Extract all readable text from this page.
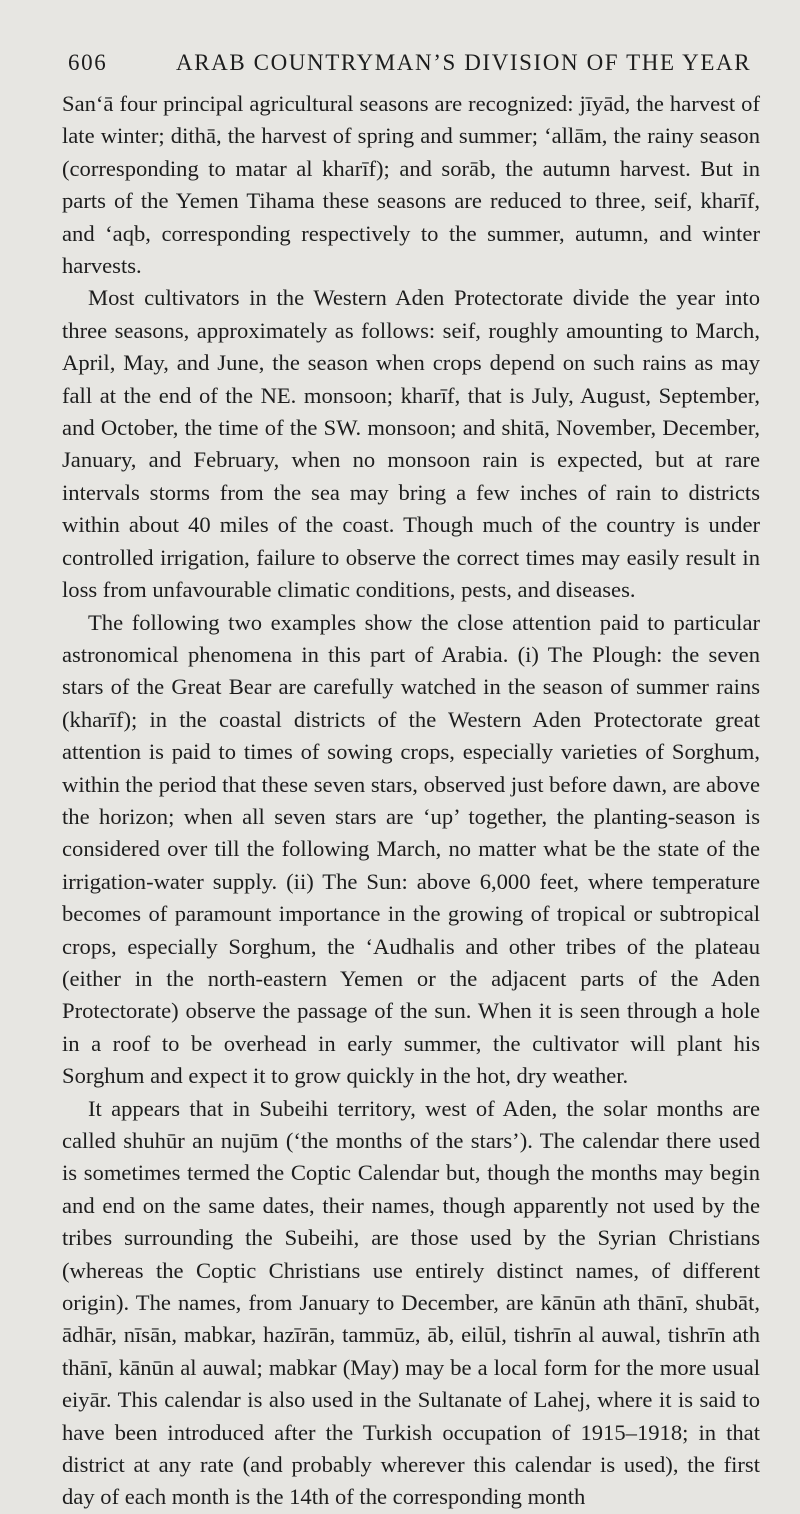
606	ARAB COUNTRYMAN’S DIVISION OF THE YEAR

San‘ā four principal agricultural seasons are recognized: jīyād, the harvest of late winter; dithā, the harvest of spring and summer; ‘allām, the rainy season (corresponding to matar al kharīf); and sorāb, the autumn harvest. But in parts of the Yemen Tihama these seasons are reduced to three, seif, kharīf, and ‘aqb, corresponding respectively to the summer, autumn, and winter harvests.

Most cultivators in the Western Aden Protectorate divide the year into three seasons, approximately as follows: seif, roughly amounting to March, April, May, and June, the season when crops depend on such rains as may fall at the end of the NE. monsoon; kharīf, that is July, August, September, and October, the time of the SW. monsoon; and shitā, November, December, January, and February, when no monsoon rain is expected, but at rare intervals storms from the sea may bring a few inches of rain to districts within about 40 miles of the coast. Though much of the country is under controlled irrigation, failure to observe the correct times may easily result in loss from unfavourable climatic conditions, pests, and diseases.

The following two examples show the close attention paid to particular astronomical phenomena in this part of Arabia. (i) The Plough: the seven stars of the Great Bear are carefully watched in the season of summer rains (kharīf); in the coastal districts of the Western Aden Protectorate great attention is paid to times of sowing crops, especially varieties of Sorghum, within the period that these seven stars, observed just before dawn, are above the horizon; when all seven stars are ‘up’ together, the planting-season is considered over till the following March, no matter what be the state of the irrigation-water supply. (ii) The Sun: above 6,000 feet, where temperature becomes of paramount importance in the growing of tropical or subtropical crops, especially Sorghum, the ‘Audhalis and other tribes of the plateau (either in the north-eastern Yemen or the adjacent parts of the Aden Protectorate) observe the passage of the sun. When it is seen through a hole in a roof to be overhead in early summer, the cultivator will plant his Sorghum and expect it to grow quickly in the hot, dry weather.

It appears that in Subeihi territory, west of Aden, the solar months are called shuhūr an nujūm (‘the months of the stars’). The calendar there used is sometimes termed the Coptic Calendar but, though the months may begin and end on the same dates, their names, though apparently not used by the tribes surrounding the Subeihi, are those used by the Syrian Christians (whereas the Coptic Christians use entirely distinct names, of different origin). The names, from January to December, are kānūn ath thānī, shubāt, ādhār, nīsān, mabkar, hazīrān, tammūz, āb, eilūl, tishrīn al auwal, tishrīn ath thānī, kānūn al auwal; mabkar (May) may be a local form for the more usual eiyār. This calendar is also used in the Sultanate of Lahej, where it is said to have been introduced after the Turkish occupation of 1915–1918; in that district at any rate (and probably wherever this calendar is used), the first day of each month is the 14th of the corresponding month
